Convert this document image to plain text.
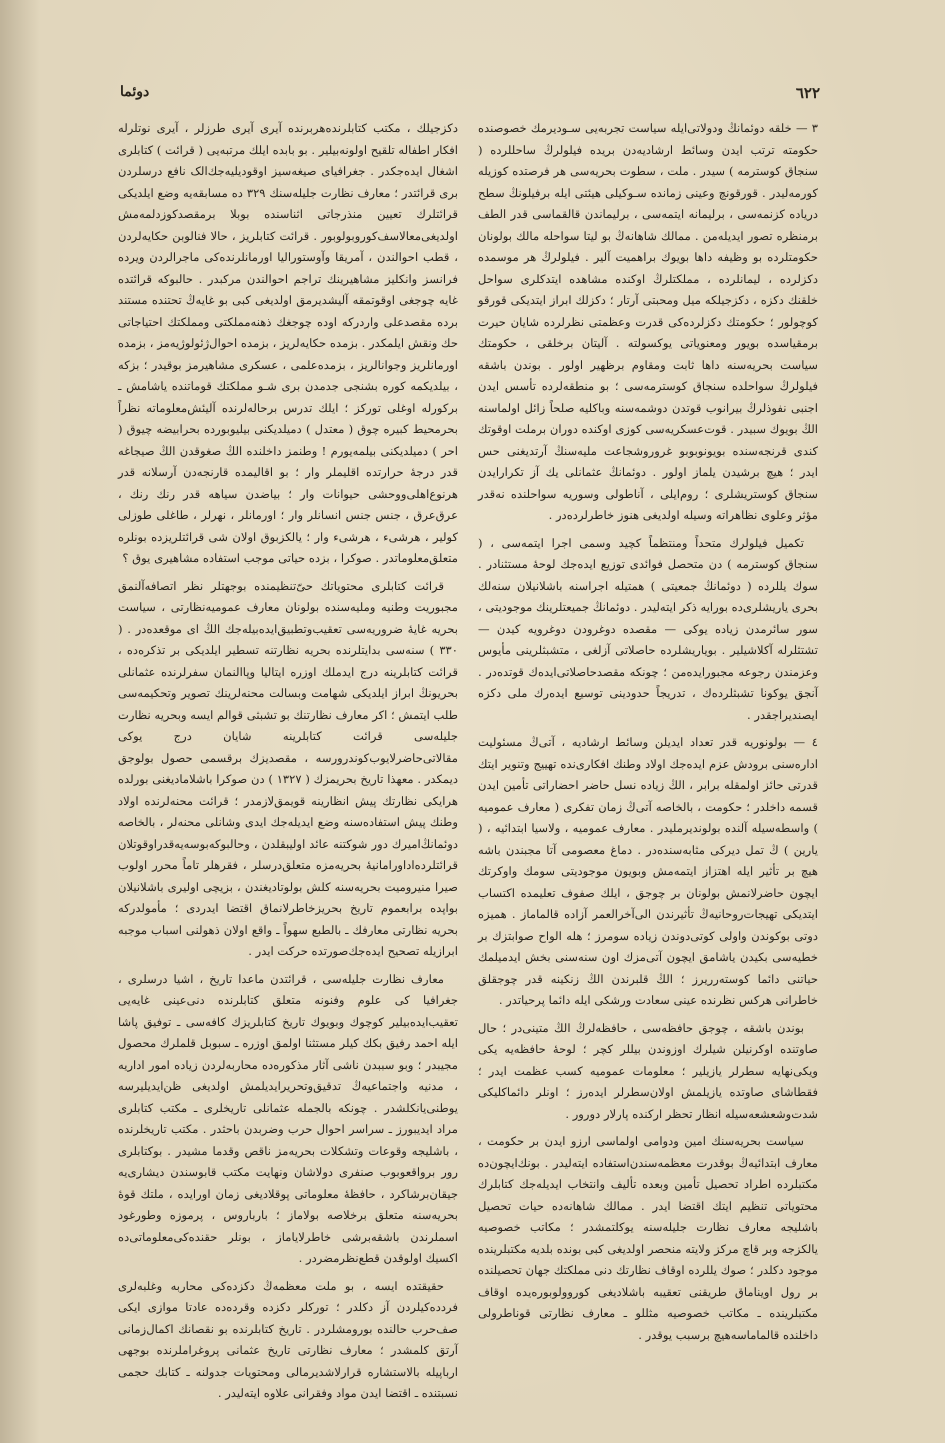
٦٢٢
دوئما

٣ — خلقه دوئمانڭ ودولاتی‌ایله سیاست تجربه‌یی سـودیرمك خصوصنده حکومته ترتب ایدن وسائط ارشادیه‌دن بریده فیلولرڭ ساحللرده ( سنجاق کوسترمه ) سیدر . ملت ، سطوت بحریه‌سی هر فرصتده کوزیله کورمه‌لیدر . قورقونچ وعینی زمانده سـوکیلی هیئتی ایله برفیلونڭ سطح دریاده کزنمه‌سی ، برلیمانه ایتمه‌سی ، برلیماندن قالقماسی قدر الطف برمنظره تصور ایدیله‌من . ممالك شاهانه‌ڭ بو لیتا سواحله مالك بولونان حکومتلرده بو وظیفه داها بویوك براهمیت آلیر . فیلولرڭ هر موسمده دکزلرده ، لیمانلرده ، مملکتلرڭ اوکنده مشاهده ایتدکلری سواحل خلقنك دکزه ، دکزجیلکه میل ومحبتی آرتار ؛ دکزلك ابراز ایتدیکی قورقو کوچولور ؛ حکومتك دکزلرده‌کی قدرت وعظمتی نظرلرده شایان حیرت برمقیاسده بویور ومعنویاتی یوکسولته . آلیتان برخلقی ، حکومتك سیاست بحریه‌سنه داها ثابت ومقاوم برظهیر اولور . بوندن باشقه فیلولرڭ سواحلده سنجاق کوسترمه‌سی ؛ بو منطقه‌لرده تأسس ایدن اجنبی نفوذلرڭ بیرانوب قوتدن دوشمه‌سنه وباکلیه صلحاً زائل اولماسنه الڭ بویوك سبیدر . قوت‌عسکریه‌سی کوزی اوکنده دوران برملت اوقوتك کندی قرنجه‌سنده بویو‌نوبوبو غرورو‌شجاعت ملیه‌سنڭ آرتدیغنی حس ایدر ؛ هیچ برشیدن یلماز اولور . دوئمانڭ عثمانلی یك آز تکرارایدن سنجاق کوستریشلری ؛ روم‌ایلی ، آناطولی وسوریه سواحلنده نه‌قدر مؤثر وعلوی نظاهراته وسیله اولدیغی هنوز خاطرلرده‌در .

تکمیل فیلولرك متحداً ومنتظماً کچید وسمی اجرا ایتمه‌سی ، ( سنجاق کوسترمه ) دن متحصل فوائدی توزیع ایده‌جك لوحهٔ مستثنادر . سوك یللرده ( دوئمانڭ جمعیتی ) همتیله اجراسنه باشلانیلان سنه‌لك بحری یاریشلری‌ده بورایه ذکر ایته‌لیدر . دوئمانڭ جمیعتلرینك موجودیتی ، سور سائرمدن زیاده یوکی — مقصده دوغرودن دوغرویه کیدن — تشتثلرله آکلاشیلیر . بویاریشلرده حاصلاتی آزلغی ، متشبثلرینی مأیوس وعزمندن رجوعه مجبورایده‌من ؛ چونکه مقصدحاصلاتی‌ایده‌ك قوتده‌در . آنجق یوکونا تشبثلرده‌ك ، تدریجاً حدودینی توسیع ایده‌رك ملی دکزه ایصندیراجقدر .

٤ — بولونوریه قدر تعداد ایدیلن وسائط ارشادیه ، آتی‌ڭ مسئولیت اداره‌سنی برودش عزم ایده‌جك اولاد وطنك افکاری‌نده تهییج وتنویر ایتك قدرتی حائز اولمقله برابر ، الڭ زیاده نسل حاضر احضاراتی تأمین ایدن قسمه داخلدر ؛ حکومت ، بالخاصه آتی‌ڭ زمان تفکری ( معارف عمومیه ) واسطه‌سیله آلنده بولوندیرملیدر . معارف عمومیه ، ولاسیا ابتدائیه ، ( یارین ) ڭ تمل دیرکی مثابه‌سنده‌در . دماغ معصومی آتا مجبندن باشه هیچ بر تأثیر ایله اهتزاز ایتمه‌مش وبویون موجودیتی سومك واوکرتك ایچون حاضرلانمش بولونان بر چوجق ، ایلك صفوف تعلیمده اکتساب ایتدیکی تهیجات‌روحانیه‌ڭ تأثیرندن الی‌آخرالعمر آزاده قالماماز . همیزه دوتی بوکوندن واولی کوتی‌دوندن زیاده سومرز ؛ هله الواح صوابتزك بر خطیه‌سی بکیدن یاشامق ایچون آتی‌مزك اون سنه‌سنی بخش ایدمیلمك حیاتنی دائما کوسته‌رریرز ؛ الڭ قلبرندن الڭ زنکینه قدر چوجقلق خاطرانی هرکس نظرنده عینی سعادت ورشکی ایله دائما پرحیاتدر .

بوندن باشقه ، چوجق حافظه‌سی ، حافظه‌لرڭ الڭ متینی‌در ؛ حال صاوتنده اوکرنیلن شیلرك اوزوندن بیللر کچر ؛ لوحهٔ حافظه‌یه یکی ویکی‌نهایه سطرلر یازیلیر ؛ معلومات عمومیه کسب عظمت ایدر ؛ فقطاشای صاوتده یازیلمش اولان‌سطرلر ایده‌رز ؛ اونلر دائماکلیکی شدت‌وشعشعه‌سیله انظار تحظر ارکنده پارلار دورور .

سیاست بحریه‌سنك امین ودوامی اولماسی ارزو ایدن بر حکومت ، معارف ابتدائیه‌ڭ بوقدرت معظمه‌سندن‌استفاده ایته‌لیدر . بونك‌ایچون‌ده مکتبلرده اطراد تحصیل تأمین وبعده تألیف وانتخاب ایدیله‌جك کتابلرك محتویاتی تنظیم ایتك اقتضا ایدر . ممالك شاهانه‌ده حیات تحصیل باشلیجه معارف نظارت جلیله‌سنه یوکلتمشدر ؛ مکاتب خصوصیه یالکزجه وبر قاچ مرکز ولایته منحصر اولدیغی کبی بونده بلدیه مکتبلرینده موجود دکلدر ؛ صوك یللرده اوقاف نظارتك دنی مملکتك جهان تحصیلنده بر رول اویناماق طریقنی تعقیبه باشلادیغی کوروولوبوره‌یده اوقاف مکتبلرینده ـ مکاتب خصوصیه مثللو ـ معارف نظارتی قوناطرولی داخلنده قالماماسه‌هیچ برسبب یوقدر .

دکزجیلك ، مکتب کتابلرنده‌هربرنده آیری آیری طرزلر ، آیری نوتلرله افکار اطفاله تلقیح اولونه‌بیلیر . بو بابده ایلك مرتبه‌یی ( قرائت ) کتابلری اشغال ایده‌جکدر . جغرافیای صیغه‌سیز اوقودیلیه‌جك‌الک نافع درسلردن بری قرائتدر ؛ معارف نظارت جلیله‌سنك ٣٢٩ ده مسابقه‌یه وضع ایلدیکی قرائتلرك تعیین منذرجاتی اثناسنده بوبلا برمقصدکوزدلمه‌مش اولدیغی‌معالاسف‌کوروبولوبور . قرائت کتابلریز ، حالا فنالوبن حکایه‌لردن ، قطب احوالندن ، آمریقا وآوستورالیا اورمانلرنده‌کی ماجرالردن ویرده فرانسز وانکلیز مشاهیرینك تراجم احوالندن مرکبدر . حالبوکه قرائتده غایه چوجغی اوقوتمقه آلیشدیرمق اولدیغی کبی بو غایه‌ڭ تحتنده مستند برده مقصدعلی واردرکه اوده چوجغك ذهنه‌مملکتی ومملکتك احتیاجاتی حك ونقش ایلمکدر . بزمده حکایه‌لریز ، بزمده احوال‌ژئولوژیه‌مز ، بزمده اورمانلریز وجوانالریز ، بزمده‌علمی ، عسکری مشاهیرمز بوقیدر ؛ بزکه ، بیلدیکمه کوره بشنجی جدمدن بری شـو مملکتك قوماتنده یاشامش ـ برکورله اوغلی تورکز ؛ ایلك تدرس برحاله‌لرنده آلیئش‌معلوماته نظراً بحرمحیط کبیره چوق ( معتدل ) دمیلدیکنی بیلیوبورده بحرابیضه چیوق ( احر ) دمیلدیکنی بیلمه‌یورم ! وطنمز داخلنده الڭ صغوقدن الڭ صیجاغه قدر درجهٔ حرارتده اقلیملر وار ؛ بو اقالیمده قارنجه‌دن آرسلانه قدر هرنوع‌اهلی‌ووحشی حیوانات وار ؛ بیاضدن سیاهه قدر رنك رنك ، عرق‌عرق ، جنس جنس انسانلر وار ؛ اورمانلر ، نهرلر ، طاغلی طوزلی کولیر ، هرشی‌ء ، هرشی‌ء وار ؛ یالکزبوق اولان شی قرائتلریزده بونلره متعلق‌معلوماتدر . صوکرا ، بزده حیاتی موجب استفاده مشاهیری یوق ؟

قرائت کتابلری محتویاتك حیّ‌تنظیمنده بوجهتلر نظر اتصافه‌آلنمق مجبوریت وطنیه وملیه‌سنده بولونان معارف عمومیه‌نظارتی ، سیاست بحریه غایهٔ ضروریه‌سی تعقیب‌وتطبیق‌ایده‌بیله‌جك الڭ ای موقعده‌در . ( ٣٣٠ ) سنه‌سی بدایتلرنده بحریه نظارتنه تسطیر ایلدیکی بر تذکره‌ده ، قرائت کتابلرینه درج ایدملك اوزره ایتالیا وپاالنمان سفرلرنده عثمانلی بحریونڭ ابراز ایلدیکی شهامت وبسالت محنه‌لرینك تصویر وتحکیمه‌سی طلب ایتمش ؛ اکر معارف نظارتنك بو تشبثی قوالم ایسه وبحریه نظارت جلیله‌سی قرائت کتابلرینه شایان درج یوکی مقالاتی‌حاضرلایوب‌کوندرورسه ، مقصدیزك برقسمی حصول بولوجق دیمکدر . معهذا تاریخ بحریمزك ( ١٣٢٧ ) دن صوکرا باشلامادیغنی بورلده هرایکی نظارتك پیش انظارینه قویمق‌لازمدر ؛ قرائت محنه‌لرنده اولاد وطنك پیش استفاده‌سنه وضع ایدیله‌جك ایدی وشانلی محنه‌لر ، بالخاصه دوئمانڭ‌امیرك دور شوکتنه عائد اولیبقلدن ، وحالبوکه‌بوسه‌یه‌قدراوقوتلان قرائتلرده‌اداورامانیهٔ بحریه‌مزه متعلق‌درسلر ، فقرهلر تاماً محرر اولوب صیرا منیرومیت بحریه‌سنه کلش بولوتادیغندن ، بزیچی اولیری باشلانیلان بواپده برابعموم تاریخ بحریزخاطرلانماق اقتضا ایدردی ؛ مأمولدرکه بحریه نظارتی معارفك ـ بالطبع سهواً ـ واقع اولان ذهولنی اسباب موجبه ابرازیله تصحیح ایده‌جك‌صورتده حرکت ایدر .

معارف نظارت جلیله‌سی ، قرائتدن ماعدا تاریخ ، اشیا درسلری ، جغرافیا کی علوم وفنونه متعلق کتابلرنده دنی‌عینی غایه‌یی تعقیب‌ایده‌بیلیر کوچوك وبویوك تاریخ کتابلریزك کافه‌سی ـ توفیق پاشا ایله احمد رفیق بکك کیلر مستثنا اولمق اوزره ـ سبوبل قلملرك محصول مجیبدر ؛ وبو سببدن ناشی آثار مذکوره‌ده محاربه‌لردن زیاده امور اداریه ، مدنیه واجتماعیه‌ڭ تدقیق‌وتحریرایدیلمش اولدیغی ظن‌ایدیلیرسه یوطنی‌یانکلشدر . چونکه بالجمله عثمانلی تاریخلری ـ مکتب کتابلری مراد ایدیبورز ـ سراسر احوال حرب وضربدن باحثدر . مکتب تاریخلرنده ، باشلیجه وقوعات وتشکلات بحریه‌مز ناقص وقدما مشیدر . بوکتابلری رور برواقعوبوب صنفری دولاشان ونهایت مکتب قابوسندن دیشاری‌یه جیقان‌برشاکرد ، حافظهٔ معلوماتی پوقلادیغی زمان اورایده ، ملتك قوهٔ بحریه‌سنه متعلق برخلاصه بولاماز ؛ بارباروس ، پرموزه وطورغود اسملرندن باشقه‌برشی خاطرلایاماز ، بونلر حقنده‌کی‌معلوماتی‌ده اکسیك اولوقدن قطع‌نظرمضردر .

حقیقتده ایسه ، بو ملت معظمه‌ڭ دکزده‌کی محاربه وغلبه‌لری فردده‌کیلردن آز دکلدر ؛ تورکلر دکزده وقرده‌ده عادتا موازی ایکی صف‌حرب حالنده بورومشلردر . تاریخ کتابلرنده بو نقصانك اکمال‌زمانی آرتق کلمشدر ؛ معارف نظارتی تاریخ عثمانی پروغراملرنده بوجهی ارباپیله بالاستشاره قرارلاشدیرمالی ومحتویات جدولنه ـ کتابك حجمی نسبتنده ـ اقتضا ایدن مواد وفقرانی علاوه ایته‌لیدر .
